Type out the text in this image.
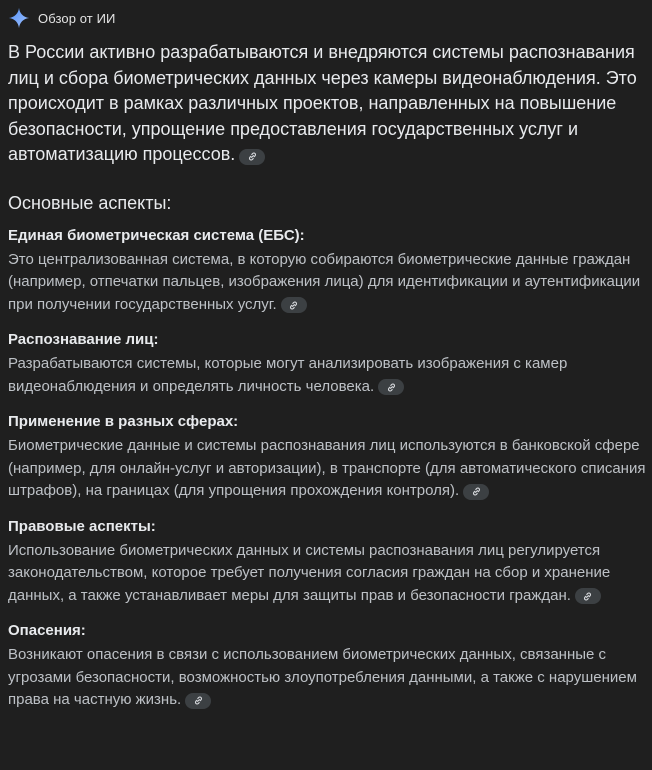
Обзор от ИИ

В России активно разрабатываются и внедряются системы распознавания лиц и сбора биометрических данных через камеры видеонаблюдения. Это происходит в рамках различных проектов, направленных на повышение безопасности, упрощение предоставления государственных услуг и автоматизацию процессов.

Основные аспекты:
Единая биометрическая система (ЕБС):

Это централизованная система, в которую собираются биометрические данные граждан (например, отпечатки пальцев, изображения лица) для идентификации и аутентификации при получении государственных услуг.

Распознавание лиц:

Разрабатываются системы, которые могут анализировать изображения с камер видеонаблюдения и определять личность человека.

Применение в разных сферах:

Биометрические данные и системы распознавания лиц используются в банковской сфере (например, для онлайн-услуг и авторизации), в транспорте (для автоматического списания штрафов), на границах (для упрощения прохождения контроля).

Правовые аспекты:

Использование биометрических данных и системы распознавания лиц регулируется законодательством, которое требует получения согласия граждан на сбор и хранение данных, а также устанавливает меры для защиты прав и безопасности граждан.

Опасения:

Возникают опасения в связи с использованием биометрических данных, связанные с угрозами безопасности, возможностью злоупотребления данными, а также с нарушением права на частную жизнь.
